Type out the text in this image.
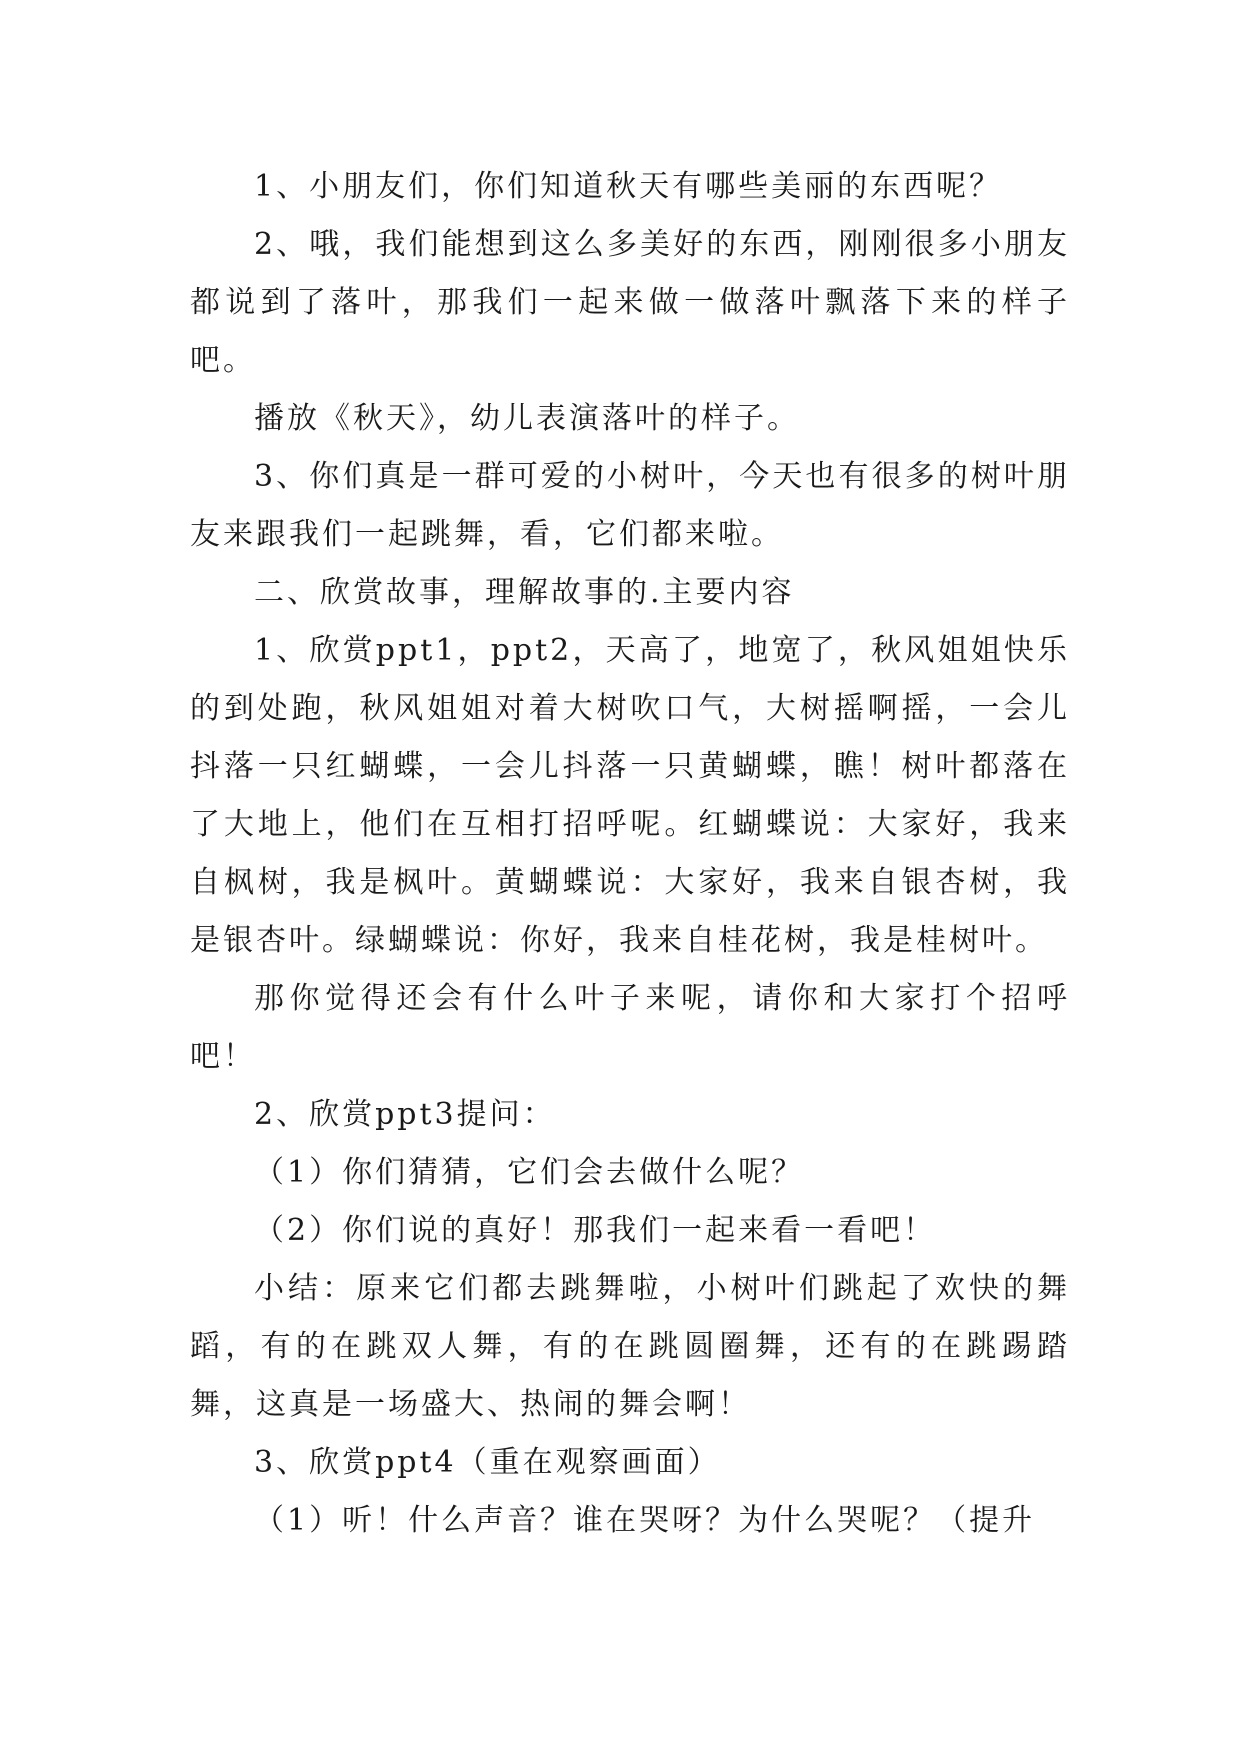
1、小朋友们，你们知道秋天有哪些美丽的东西呢？

2、哦，我们能想到这么多美好的东西，刚刚很多小朋友都说到了落叶，那我们一起来做一做落叶飘落下来的样子吧。

播放《秋天》，幼儿表演落叶的样子。

3、你们真是一群可爱的小树叶，今天也有很多的树叶朋友来跟我们一起跳舞，看，它们都来啦。

二、欣赏故事，理解故事的.主要内容

1、欣赏ppt1，ppt2，天高了，地宽了，秋风姐姐快乐的到处跑，秋风姐姐对着大树吹口气，大树摇啊摇，一会儿抖落一只红蝴蝶，一会儿抖落一只黄蝴蝶，瞧！树叶都落在了大地上，他们在互相打招呼呢。红蝴蝶说：大家好，我来自枫树，我是枫叶。黄蝴蝶说：大家好，我来自银杏树，我是银杏叶。绿蝴蝶说：你好，我来自桂花树，我是桂树叶。

那你觉得还会有什么叶子来呢，请你和大家打个招呼吧！

2、欣赏ppt3提问：

（1）你们猜猜，它们会去做什么呢？

（2）你们说的真好！那我们一起来看一看吧！

小结：原来它们都去跳舞啦，小树叶们跳起了欢快的舞蹈，有的在跳双人舞，有的在跳圆圈舞，还有的在跳踢踏舞，这真是一场盛大、热闹的舞会啊！

3、欣赏ppt4（重在观察画面）

（1）听！什么声音？谁在哭呀？为什么哭呢？（提升
